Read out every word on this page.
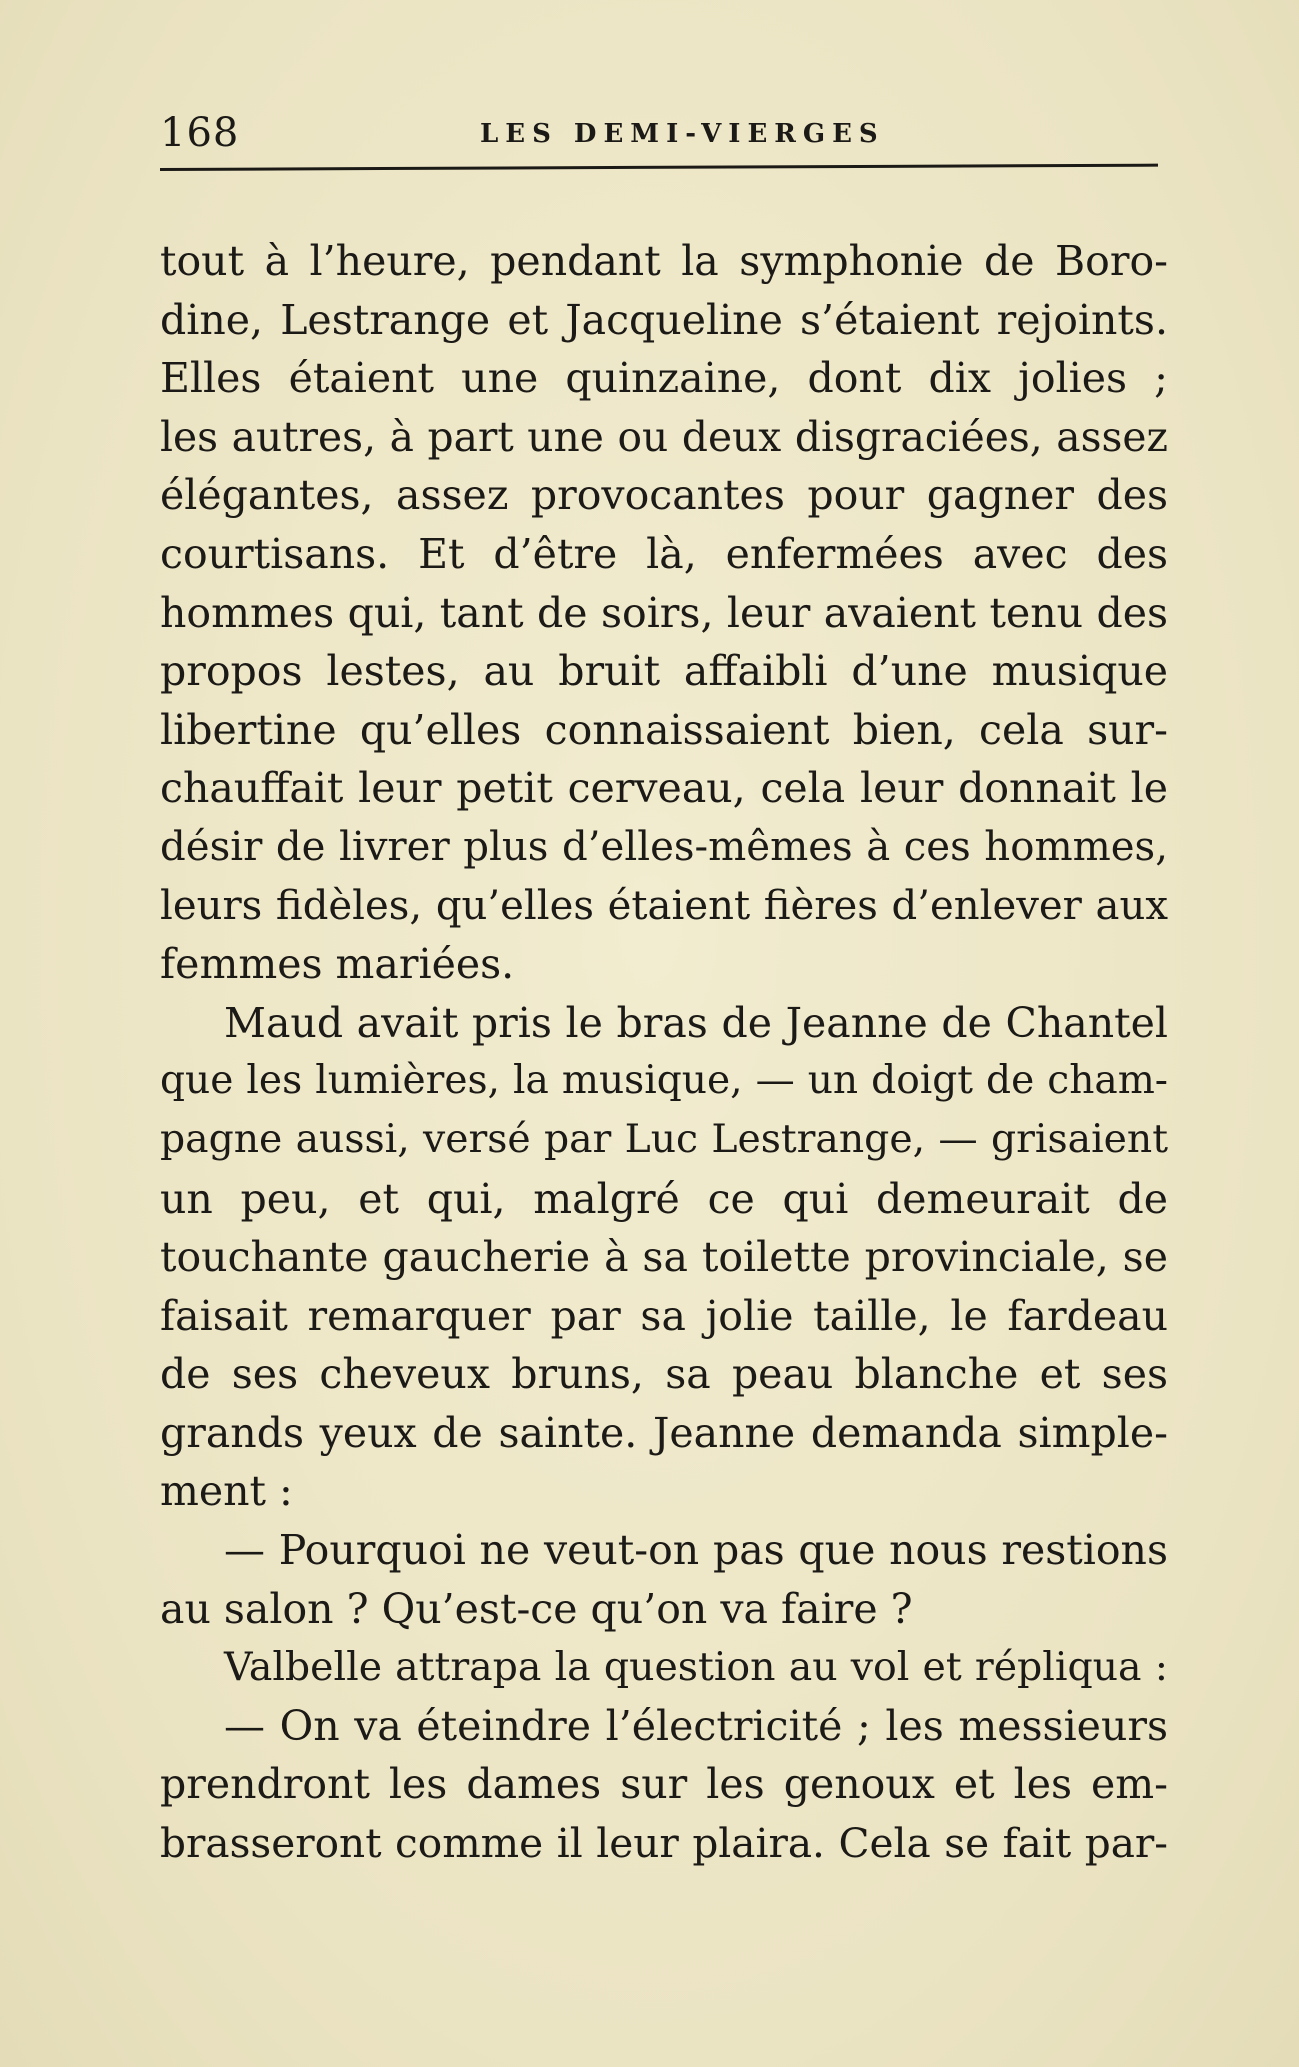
168	LES DEMI-VIERGES
tout à l’heure, pendant la symphonie de Boro-
dine, Lestrange et Jacqueline s’étaient rejoints.
Elles étaient une quinzaine, dont dix jolies ;
les autres, à part une ou deux disgraciées, assez
élégantes, assez provocantes pour gagner des
courtisans. Et d’être là, enfermées avec des
hommes qui, tant de soirs, leur avaient tenu des
propos lestes, au bruit affaibli d’une musique
libertine qu’elles connaissaient bien, cela sur-
chauffait leur petit cerveau, cela leur donnait le
désir de livrer plus d’elles-mêmes à ces hommes,
leurs fidèles, qu’elles étaient fières d’enlever aux
femmes mariées.
Maud avait pris le bras de Jeanne de Chantel
que les lumières, la musique, — un doigt de cham-
pagne aussi, versé par Luc Lestrange, — grisaient
un peu, et qui, malgré ce qui demeurait de
touchante gaucherie à sa toilette provinciale, se
faisait remarquer par sa jolie taille, le fardeau
de ses cheveux bruns, sa peau blanche et ses
grands yeux de sainte. Jeanne demanda simple-
ment :
— Pourquoi ne veut-on pas que nous restions
au salon ? Qu’est-ce qu’on va faire ?
Valbelle attrapa la question au vol et répliqua :
— On va éteindre l’électricité ; les messieurs
prendront les dames sur les genoux et les em-
brasseront comme il leur plaira. Cela se fait par-
